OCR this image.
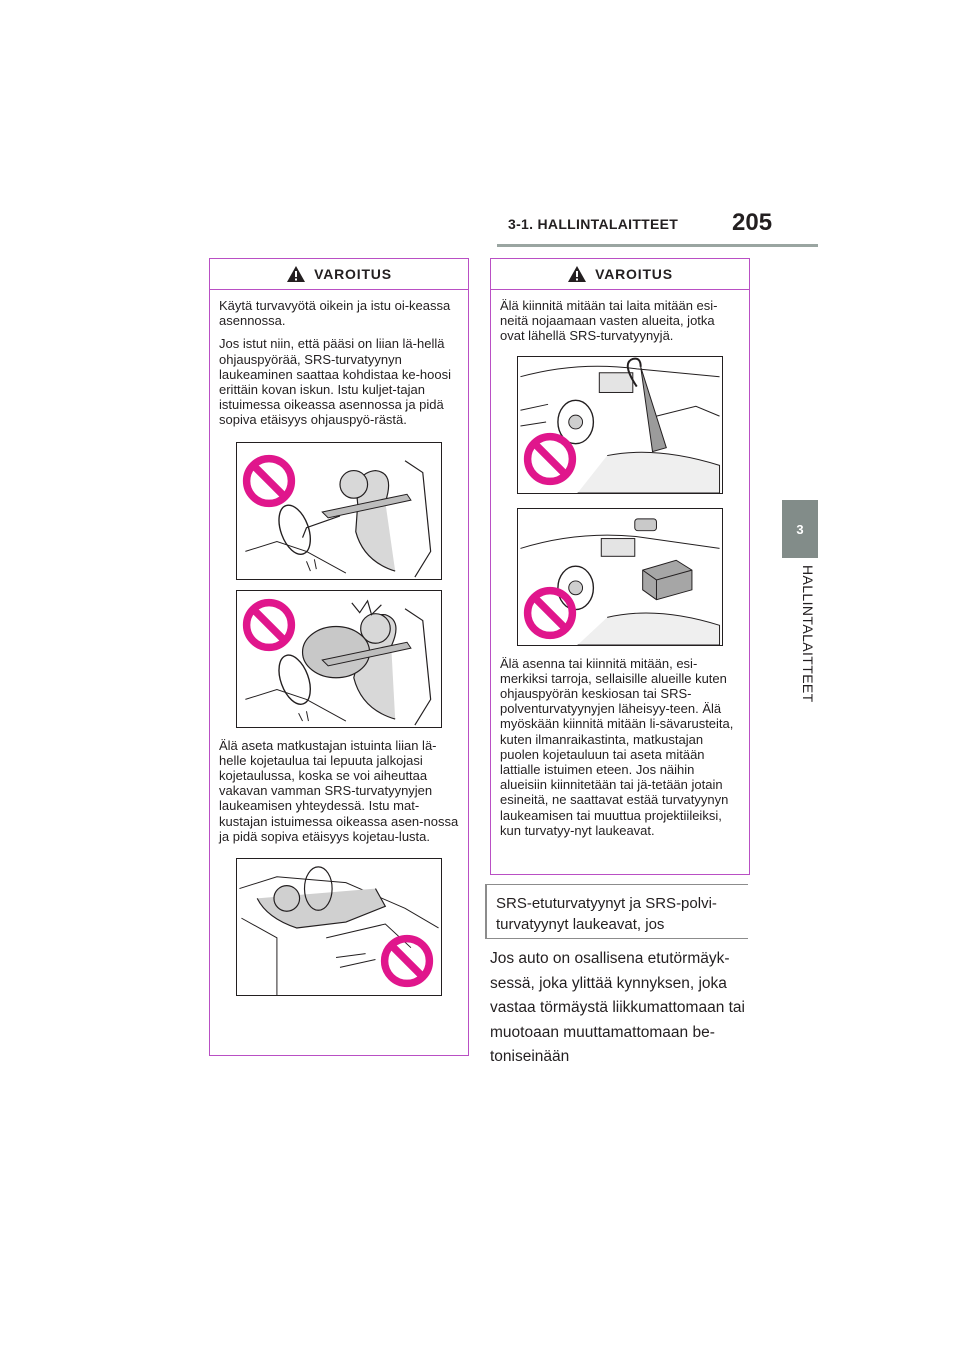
3-1. HALLINTALAITTEET 205
3
HALLINTALAITTEET
VAROITUS

Käytä turvavyötä oikein ja istu oi-keassa asennossa.

Jos istut niin, että pääsi on liian lä-hellä ohjauspyörää, SRS-turvatyynyn laukeaminen saattaa kohdistaa ke-hoosi erittäin kovan iskun. Istu kuljet-tajan istuimessa oikeassa asennossa ja pidä sopiva etäisyys ohjauspyö-rästä.

Älä aseta matkustajan istuinta liian lä-helle kojetaulua tai lepuuta jalkojasi kojetaulussa, koska se voi aiheuttaa vakavan vamman SRS-turvatyynyjen laukeamisen yhteydessä. Istu mat-kustajan istuimessa oikeassa asen-nossa ja pidä sopiva etäisyys kojetau-lusta.

VAROITUS

Älä kiinnitä mitään tai laita mitään esi-neitä nojaamaan vasten alueita, jotka ovat lähellä SRS-turvatyynyjä.

Älä asenna tai kiinnitä mitään, esi-merkiksi tarroja, sellaisille alueille kuten ohjauspyörän keskiosan tai SRS-polventurvatyynyjen läheisyy-teen. Älä myöskään kiinnitä mitään li-sävarusteita, kuten ilmanraikastinta, matkustajan puolen kojetauluun tai aseta mitään lattialle istuimen eteen. Jos näihin alueisiin kiinnitetään tai jä-tetään jotain esineitä, ne saattavat estää turvatyynyn laukeamisen tai muuttua projektiileiksi, kun turvatyy-nyt laukeavat.

SRS-etuturvatyynyt ja SRS-polvi-turvatyynyt laukeavat, jos
Jos auto on osallisena etutörmäyk-sessä, joka ylittää kynnyksen, joka vastaa törmäystä liikkumattomaan tai muotoaan muuttamattomaan be-toniseinään
